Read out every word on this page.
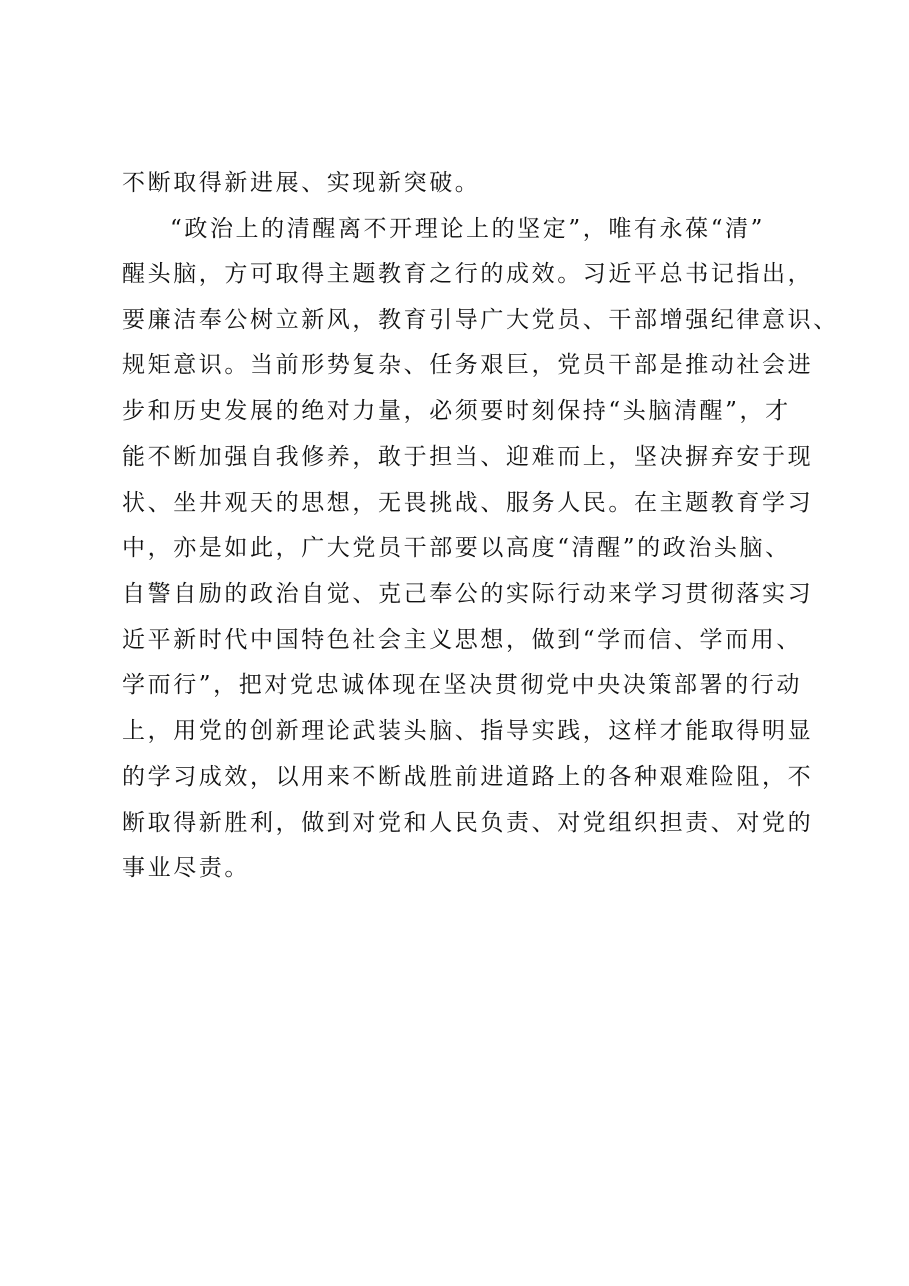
不断取得新进展、实现新突破。

“政治上的清醒离不开理论上的坚定”，唯有永葆“清”

醒头脑，方可取得主题教育之行的成效。习近平总书记指出，

要廉洁奉公树立新风，教育引导广大党员、干部增强纪律意识、

规矩意识。当前形势复杂、任务艰巨，党员干部是推动社会进

步和历史发展的绝对力量，必须要时刻保持“头脑清醒”，才

能不断加强自我修养，敢于担当、迎难而上，坚决摒弃安于现

状、坐井观天的思想，无畏挑战、服务人民。在主题教育学习

中，亦是如此，广大党员干部要以高度“清醒”的政治头脑、

自警自励的政治自觉、克己奉公的实际行动来学习贯彻落实习

近平新时代中国特色社会主义思想，做到“学而信、学而用、

学而行”，把对党忠诚体现在坚决贯彻党中央决策部署的行动

上，用党的创新理论武装头脑、指导实践，这样才能取得明显

的学习成效，以用来不断战胜前进道路上的各种艰难险阻，不

断取得新胜利，做到对党和人民负责、对党组织担责、对党的

事业尽责。
